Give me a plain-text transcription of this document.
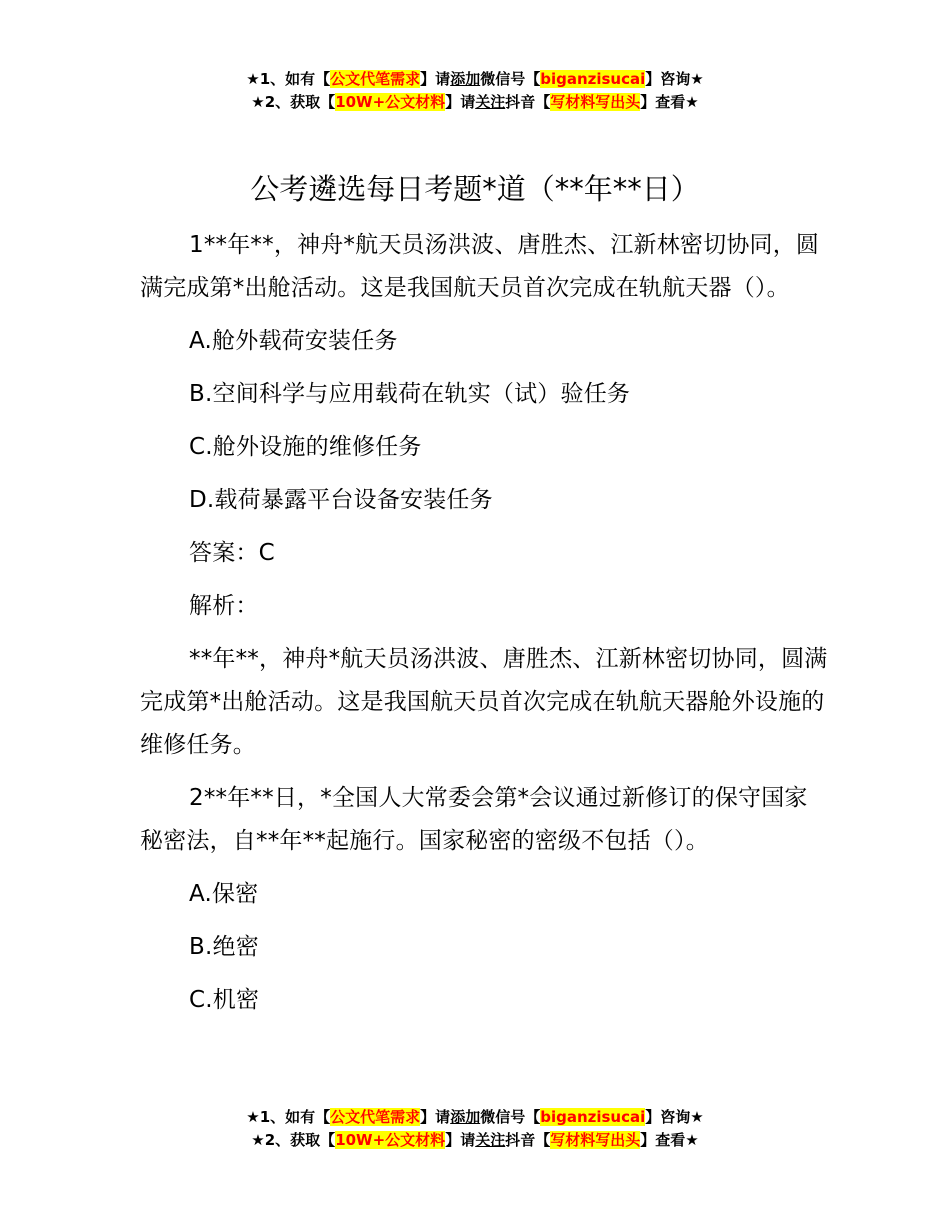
★1、如有【公文代笔需求】请添加微信号【biganzisucai】咨询★
★2、获取【10W+公文材料】请关注抖音【写材料写出头】查看★
公考遴选每日考题*道（**年**日）

1**年**，神舟*航天员汤洪波、唐胜杰、江新林密切协同，圆满完成第*出舱活动。这是我国航天员首次完成在轨航天器（）。

A.舱外载荷安装任务

B.空间科学与应用载荷在轨实（试）验任务

C.舱外设施的维修任务

D.载荷暴露平台设备安装任务

答案：C

解析：

**年**，神舟*航天员汤洪波、唐胜杰、江新林密切协同，圆满完成第*出舱活动。这是我国航天员首次完成在轨航天器舱外设施的维修任务。

2**年**日，*全国人大常委会第*会议通过新修订的保守国家秘密法，自**年**起施行。国家秘密的密级不包括（）。

A.保密

B.绝密

C.机密

★1、如有【公文代笔需求】请添加微信号【biganzisucai】咨询★
★2、获取【10W+公文材料】请关注抖音【写材料写出头】查看★
